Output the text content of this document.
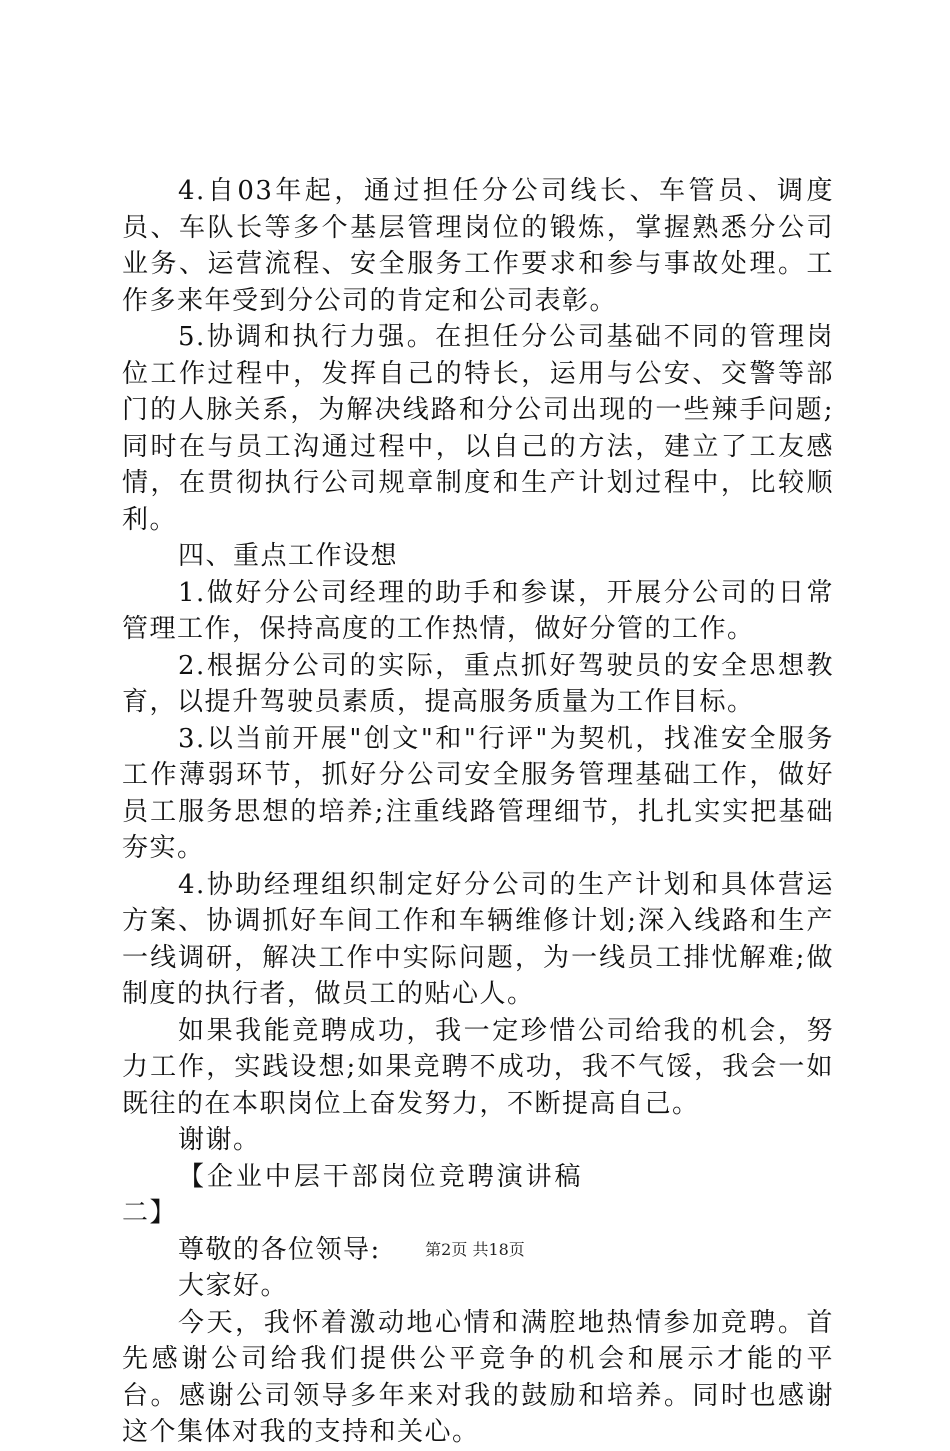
4.自03年起，通过担任分公司线长、车管员、调度员、车队长等多个基层管理岗位的锻炼，掌握熟悉分公司业务、运营流程、安全服务工作要求和参与事故处理。工作多来年受到分公司的肯定和公司表彰。

5.协调和执行力强。在担任分公司基础不同的管理岗位工作过程中，发挥自己的特长，运用与公安、交警等部门的人脉关系，为解决线路和分公司出现的一些辣手问题;同时在与员工沟通过程中，以自己的方法，建立了工友感情，在贯彻执行公司规章制度和生产计划过程中，比较顺利。

四、重点工作设想

1.做好分公司经理的助手和参谋，开展分公司的日常管理工作，保持高度的工作热情，做好分管的工作。

2.根据分公司的实际，重点抓好驾驶员的安全思想教育，以提升驾驶员素质，提高服务质量为工作目标。

3.以当前开展"创文"和"行评"为契机，找准安全服务工作薄弱环节，抓好分公司安全服务管理基础工作，做好员工服务思想的培养;注重线路管理细节，扎扎实实把基础夯实。

4.协助经理组织制定好分公司的生产计划和具体营运方案、协调抓好车间工作和车辆维修计划;深入线路和生产一线调研，解决工作中实际问题，为一线员工排忧解难;做制度的执行者，做员工的贴心人。

如果我能竞聘成功，我一定珍惜公司给我的机会，努力工作，实践设想;如果竞聘不成功，我不气馁，我会一如既往的在本职岗位上奋发努力，不断提高自己。

谢谢。

【企业中层干部岗位竞聘演讲稿二】

尊敬的各位领导:

大家好。

今天，我怀着激动地心情和满腔地热情参加竞聘。首先感谢公司给我们提供公平竞争的机会和展示才能的平台。感谢公司领导多年来对我的鼓励和培养。同时也感谢这个集体对我的支持和关心。

第2页 共18页
